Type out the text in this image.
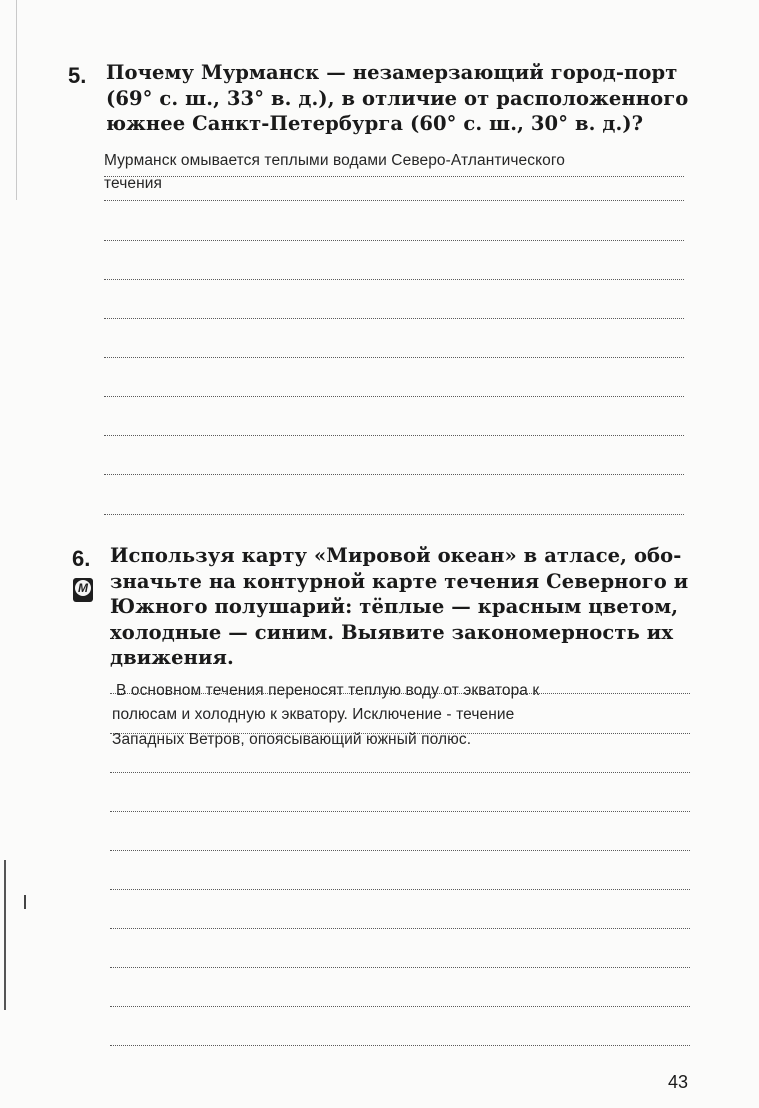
5. Почему Мурманск — незамерзающий город-порт
(69° с. ш., 33° в. д.), в отличие от расположенного
южнее Санкт-Петербурга (60° с. ш., 30° в. д.)?
Мурманск омывается теплыми водами Северо-Атлантического
течения
6.
М
Используя карту «Мировой океан» в атласе, обо-
значьте на контурной карте течения Северного и
Южного полушарий: тёплые — красным цветом,
холодные — синим. Выявите закономерность их
движения.
В основном течения переносят теплую воду от экватора к
полюсам и холодную к экватору. Исключение - течение
Западных Ветров, опоясывающий южный полюс.
43
